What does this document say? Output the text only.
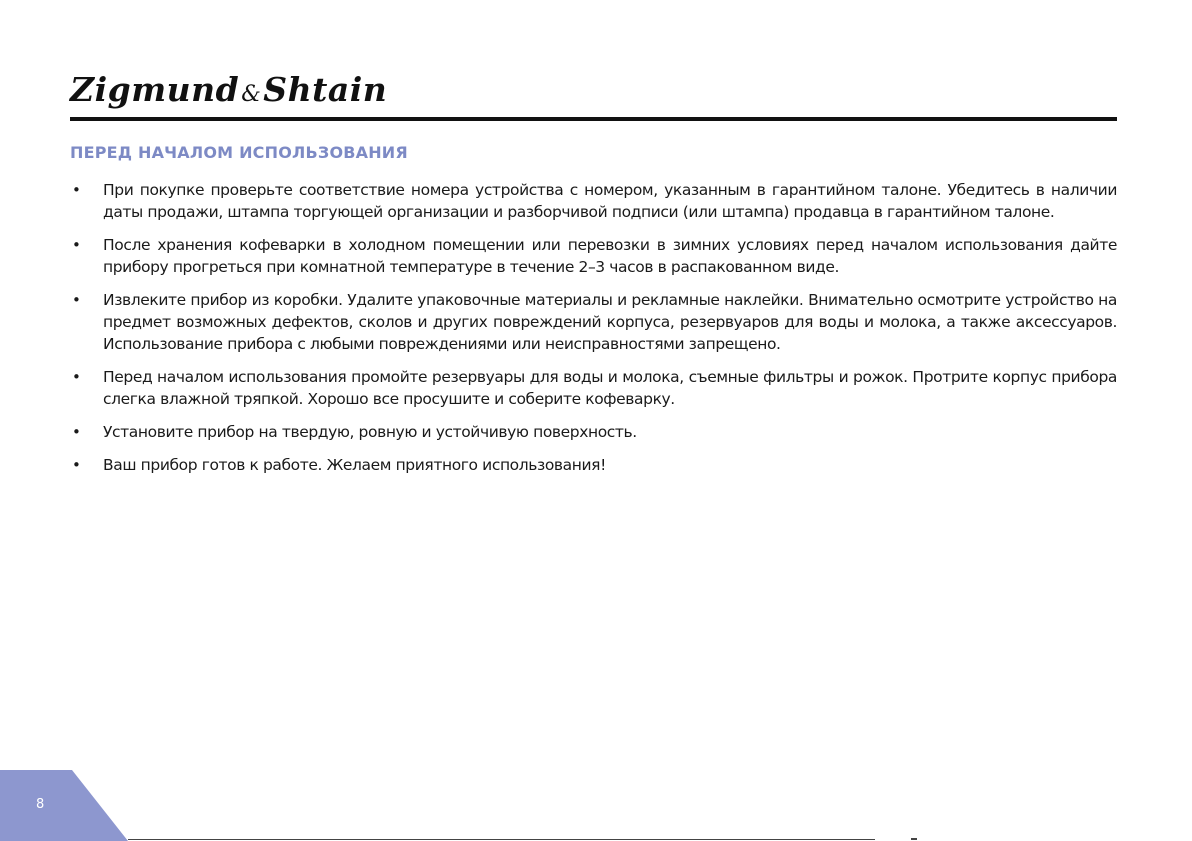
Zigmund&Shtain
ПЕРЕД НАЧАЛОМ ИСПОЛЬЗОВАНИЯ
• При покупке проверьте соответствие номера устройства с номером, указанным в гарантийном талоне. Убедитесь в наличии даты продажи, штампа торгующей организации и разборчивой подписи (или штампа) продавца в гарантийном талоне.
• После хранения кофеварки в холодном помещении или перевозки в зимних условиях перед началом использования дайте прибору прогреться при комнатной температуре в течение 2–3 часов в распакованном виде.
• Извлеките прибор из коробки. Удалите упаковочные материалы и рекламные наклейки. Внимательно осмотрите устройство на предмет возможных дефектов, сколов и других повреждений корпуса, резервуаров для воды и молока, а также аксессуаров. Использование прибора с любыми повреждениями или неисправностями запрещено.
• Перед началом использования промойте резервуары для воды и молока, съемные фильтры и рожок. Протрите корпус прибора слегка влажной тряпкой. Хорошо все просушите и соберите кофеварку.
• Установите прибор на твердую, ровную и устойчивую поверхность.
• Ваш прибор готов к работе. Желаем приятного использования!
8
